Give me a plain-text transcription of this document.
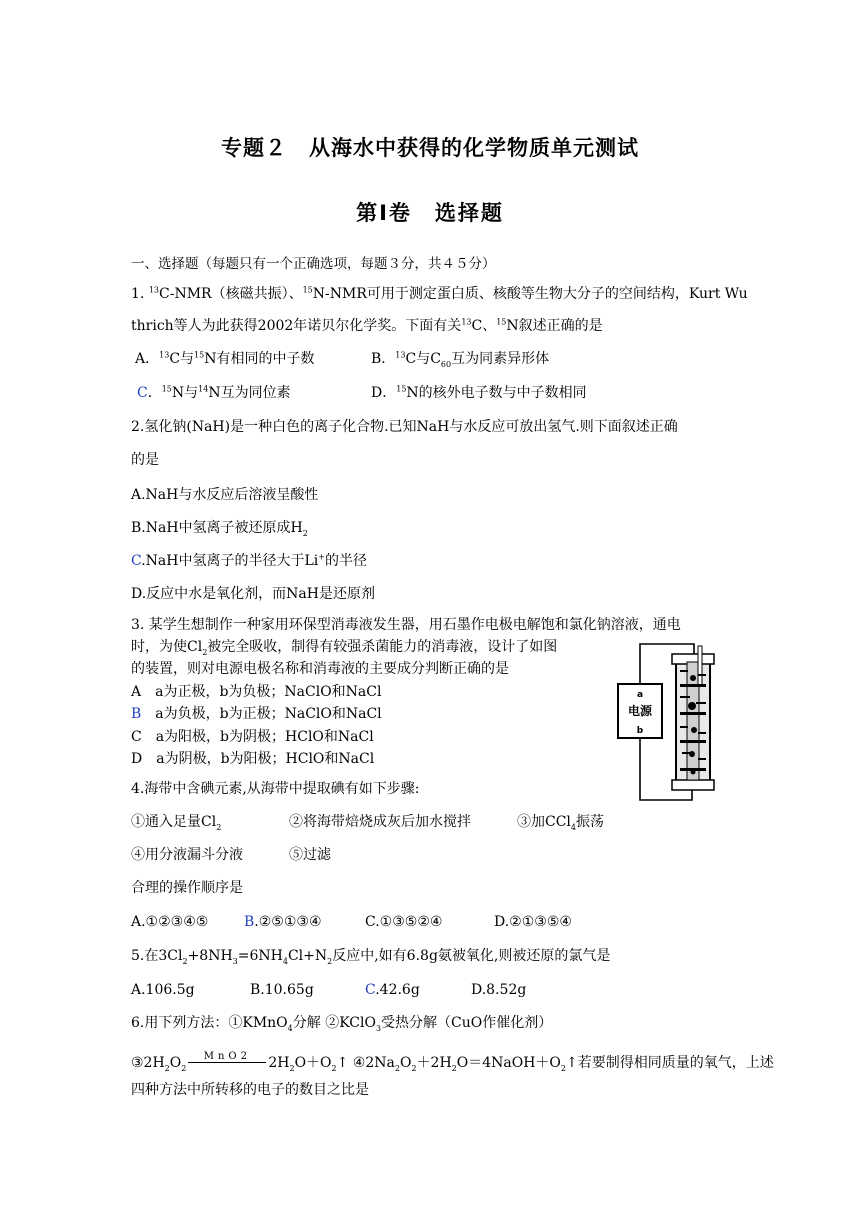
专题２　从海水中获得的化学物质单元测试
第Ⅰ卷　选择题
一、选择题（每题只有一个正确选项，每题３分，共４５分）
1. $^{13}$C-NMR（核磁共振）、$^{15}$N-NMR可用于测定蛋白质、核酸等生物大分子的空间结构，Kurt Wu
thrich等人为此获得2002年诺贝尔化学奖。下面有关$^{13}$C、$^{15}$N叙述正确的是
A．$^{13}$C与$^{15}$N有相同的中子数	B．$^{13}$C与$C_{60}$互为同素异形体
C．$^{15}$N与$^{14}$N互为同位素	D．$^{15}$N的核外电子数与中子数相同
2.氢化钠(NaH)是一种白色的离子化合物.已知NaH与水反应可放出氢气.则下面叙述正确
的是
A.NaH与水反应后溶液呈酸性
B.NaH中氢离子被还原成$H_2$
C.NaH中氢离子的半径大于Li+的半径
D.反应中水是氧化剂，而NaH是还原剂
3. 某学生想制作一种家用环保型消毒液发生器，用石墨作电极电解饱和氯化钠溶液，通电
时，为使$Cl_2$被完全吸收，制得有较强杀菌能力的消毒液，设计了如图
的装置，则对电源电极名称和消毒液的主要成分判断正确的是
A　a为正极，b为负极；NaClO和NaCl
B　a为负极，b为正极；NaClO和NaCl
C　a为阳极，b为阴极；HClO和NaCl
D　a为阴极，b为阳极；HClO和NaCl
a
电源
b
4.海带中含碘元素,从海带中提取碘有如下步骤:
①通入足量$Cl_2$	②将海带焙烧成灰后加水搅拌	③加CCl$_4$振荡
④用分液漏斗分液	⑤过滤
合理的操作顺序是
A.①②③④⑤	B.②⑤①③④	C.①③⑤②④	D.②①③⑤④
5.在$3Cl_2+8NH_3=6NH_4Cl+N_2$反应中,如有6.8g氨被氧化,则被还原的氯气是
A.106.5g	B.10.65g	C.42.6g	D.8.52g
6.用下列方法：①KMnO$_4$分解 ②KClO$_3$受热分解（CuO作催化剂）
$③2H_2O_2MnO2$ $2H_2O+O_2↑$ $④2Na_2O_2+2H_2O=4NaOH+O_2↑$若要制得相同质量的氧气，上述
四种方法中所转移的电子的数目之比是
